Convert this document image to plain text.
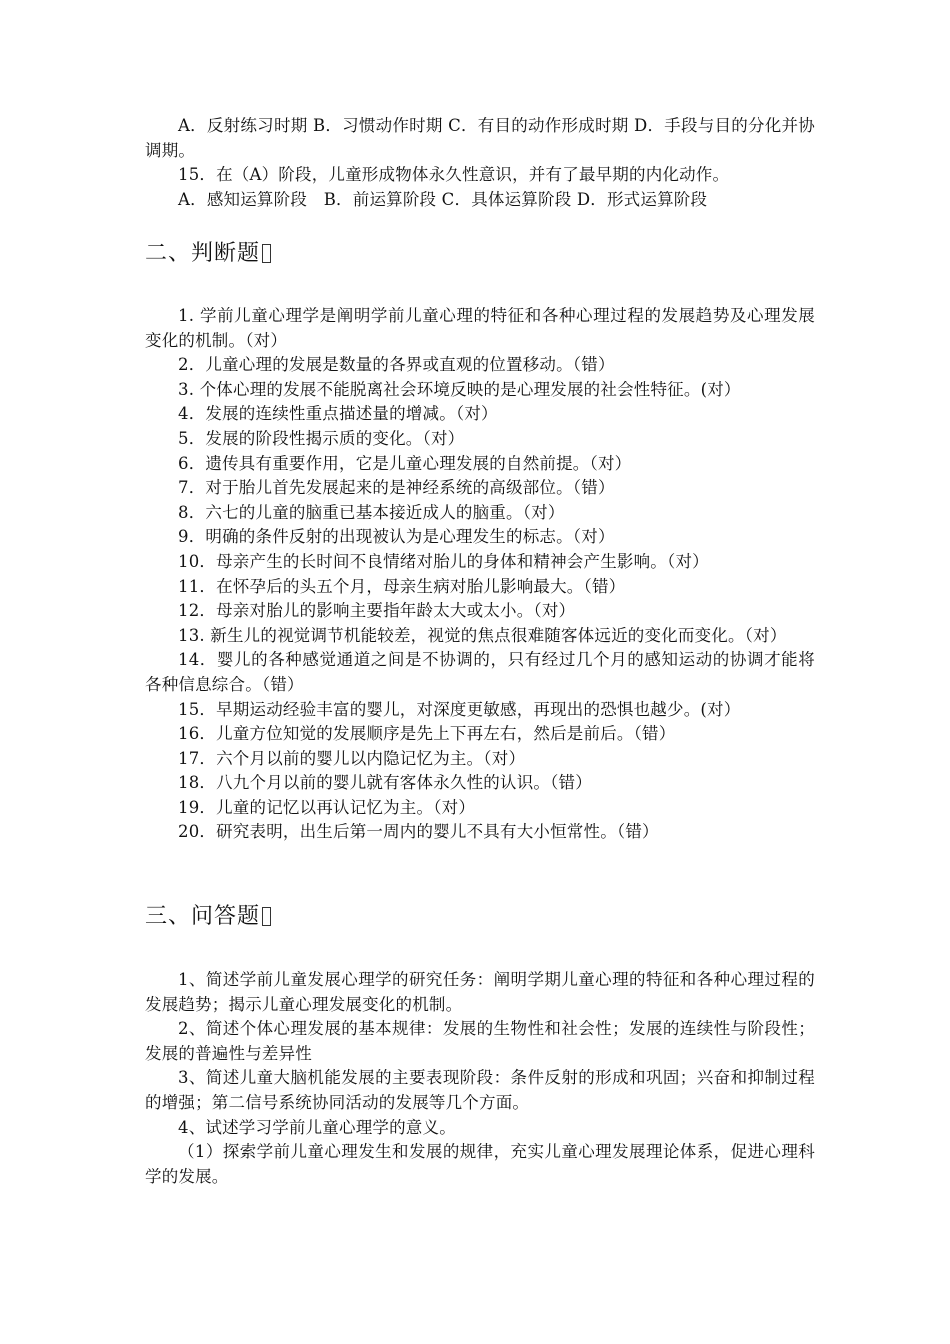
A．反射练习时期 B．习惯动作时期 C．有目的动作形成时期 D．手段与目的分化并协调期。
15．在（A）阶段，儿童形成物体永久性意识，并有了最早期的内化动作。
A．感知运算阶段　B．前运算阶段 C．具体运算阶段 D．形式运算阶段
二、判断题
1. 学前儿童心理学是阐明学前儿童心理的特征和各种心理过程的发展趋势及心理发展变化的机制。（对）
2．儿童心理的发展是数量的各界或直观的位置移动。（错）
3. 个体心理的发展不能脱离社会环境反映的是心理发展的社会性特征。(对）
4．发展的连续性重点描述量的增减。（对）
5．发展的阶段性揭示质的变化。（对）
6．遗传具有重要作用，它是儿童心理发展的自然前提。（对）
7．对于胎儿首先发展起来的是神经系统的高级部位。（错）
8．六七的儿童的脑重已基本接近成人的脑重。（对）
9．明确的条件反射的出现被认为是心理发生的标志。（对）
10．母亲产生的长时间不良情绪对胎儿的身体和精神会产生影响。（对）
11．在怀孕后的头五个月，母亲生病对胎儿影响最大。（错）
12．母亲对胎儿的影响主要指年龄太大或太小。（对）
13. 新生儿的视觉调节机能较差，视觉的焦点很难随客体远近的变化而变化。（对）
14．婴儿的各种感觉通道之间是不协调的，只有经过几个月的感知运动的协调才能将各种信息综合。（错）
15．早期运动经验丰富的婴儿，对深度更敏感，再现出的恐惧也越少。(对）
16．儿童方位知觉的发展顺序是先上下再左右，然后是前后。（错）
17．六个月以前的婴儿以内隐记忆为主。（对）
18．八九个月以前的婴儿就有客体永久性的认识。（错）
19．儿童的记忆以再认记忆为主。（对）
20．研究表明，出生后第一周内的婴儿不具有大小恒常性。（错）
三、问答题
1、简述学前儿童发展心理学的研究任务：阐明学期儿童心理的特征和各种心理过程的发展趋势；揭示儿童心理发展变化的机制。
2、简述个体心理发展的基本规律：发展的生物性和社会性；发展的连续性与阶段性；发展的普遍性与差异性
3、简述儿童大脑机能发展的主要表现阶段：条件反射的形成和巩固；兴奋和抑制过程的增强；第二信号系统协同活动的发展等几个方面。
4、试述学习学前儿童心理学的意义。
（1）探索学前儿童心理发生和发展的规律，充实儿童心理发展理论体系，促进心理科学的发展。
